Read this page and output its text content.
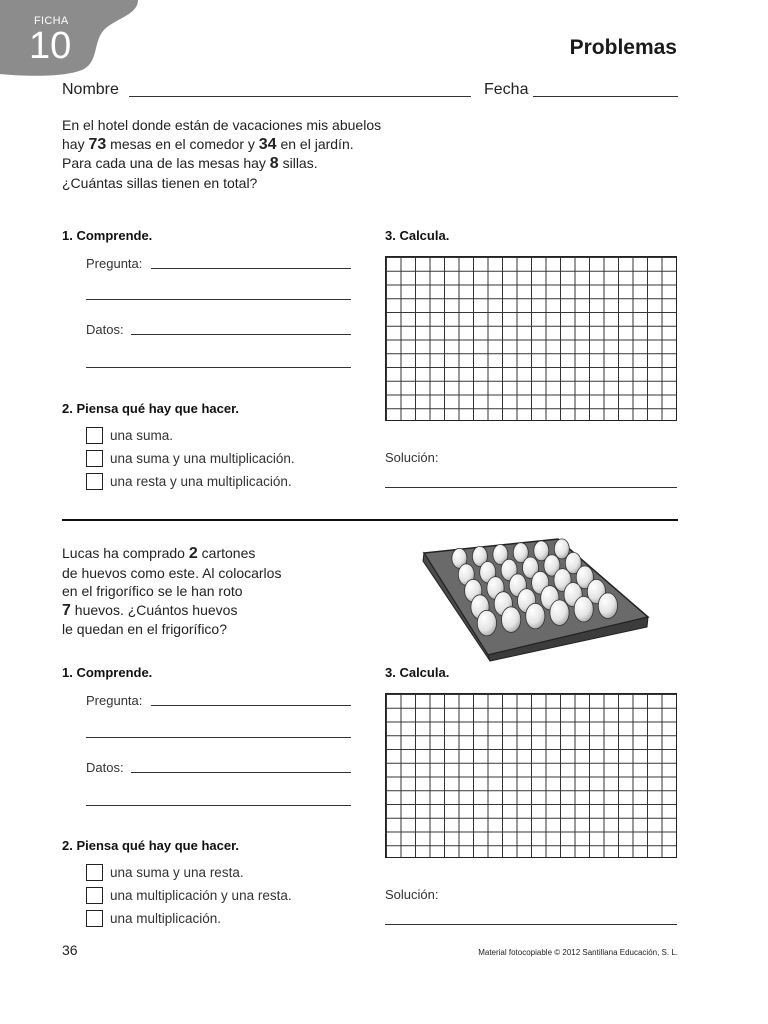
FICHA
10	Problemas
Nombre	Fecha
En el hotel donde están de vacaciones mis abuelos
hay 73 mesas en el comedor y 34 en el jardín.
Para cada una de las mesas hay 8 sillas.
¿Cuántas sillas tienen en total?
1. Comprende.
Pregunta:
Datos:
2. Piensa qué hay que hacer.
una suma.
una suma y una multiplicación.
una resta y una multiplicación.
3. Calcula.
Solución:
Lucas ha comprado 2 cartones
de huevos como este. Al colocarlos
en el frigorífico se le han roto
7 huevos. ¿Cuántos huevos
le quedan en el frigorífico?
1. Comprende.
Pregunta:
Datos:
2. Piensa qué hay que hacer.
una suma y una resta.
una multiplicación y una resta.
una multiplicación.
3. Calcula.
Solución:
36	Material fotocopiable © 2012 Santillana Educación, S. L.
